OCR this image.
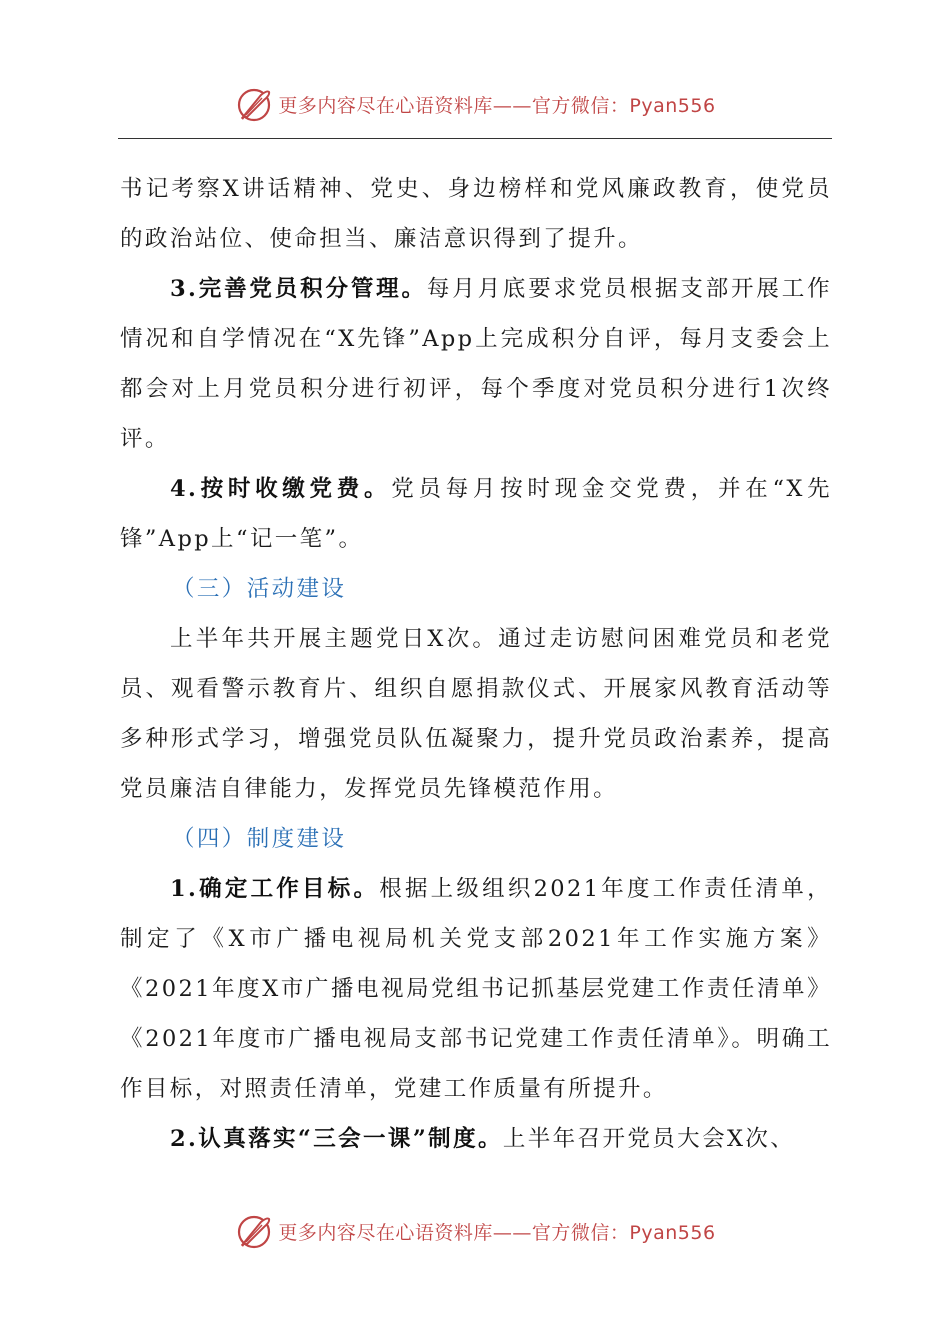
更多内容尽在心语资料库——官方微信：Pyan556

书记考察X讲话精神、党史、身边榜样和党风廉政教育，使党员的政治站位、使命担当、廉洁意识得到了提升。

3.完善党员积分管理。每月月底要求党员根据支部开展工作情况和自学情况在“X先锋”App上完成积分自评，每月支委会上都会对上月党员积分进行初评，每个季度对党员积分进行1次终评。

4.按时收缴党费。党员每月按时现金交党费，并在“X先锋”App上“记一笔”。

（三）活动建设

上半年共开展主题党日X次。通过走访慰问困难党员和老党员、观看警示教育片、组织自愿捐款仪式、开展家风教育活动等多种形式学习，增强党员队伍凝聚力，提升党员政治素养，提高党员廉洁自律能力，发挥党员先锋模范作用。

（四）制度建设

1.确定工作目标。根据上级组织2021年度工作责任清单，制定了《X市广播电视局机关党支部2021年工作实施方案》《2021年度X市广播电视局党组书记抓基层党建工作责任清单》《2021年度市广播电视局支部书记党建工作责任清单》。明确工作目标，对照责任清单，党建工作质量有所提升。

2.认真落实“三会一课”制度。上半年召开党员大会X次、

更多内容尽在心语资料库——官方微信：Pyan556
